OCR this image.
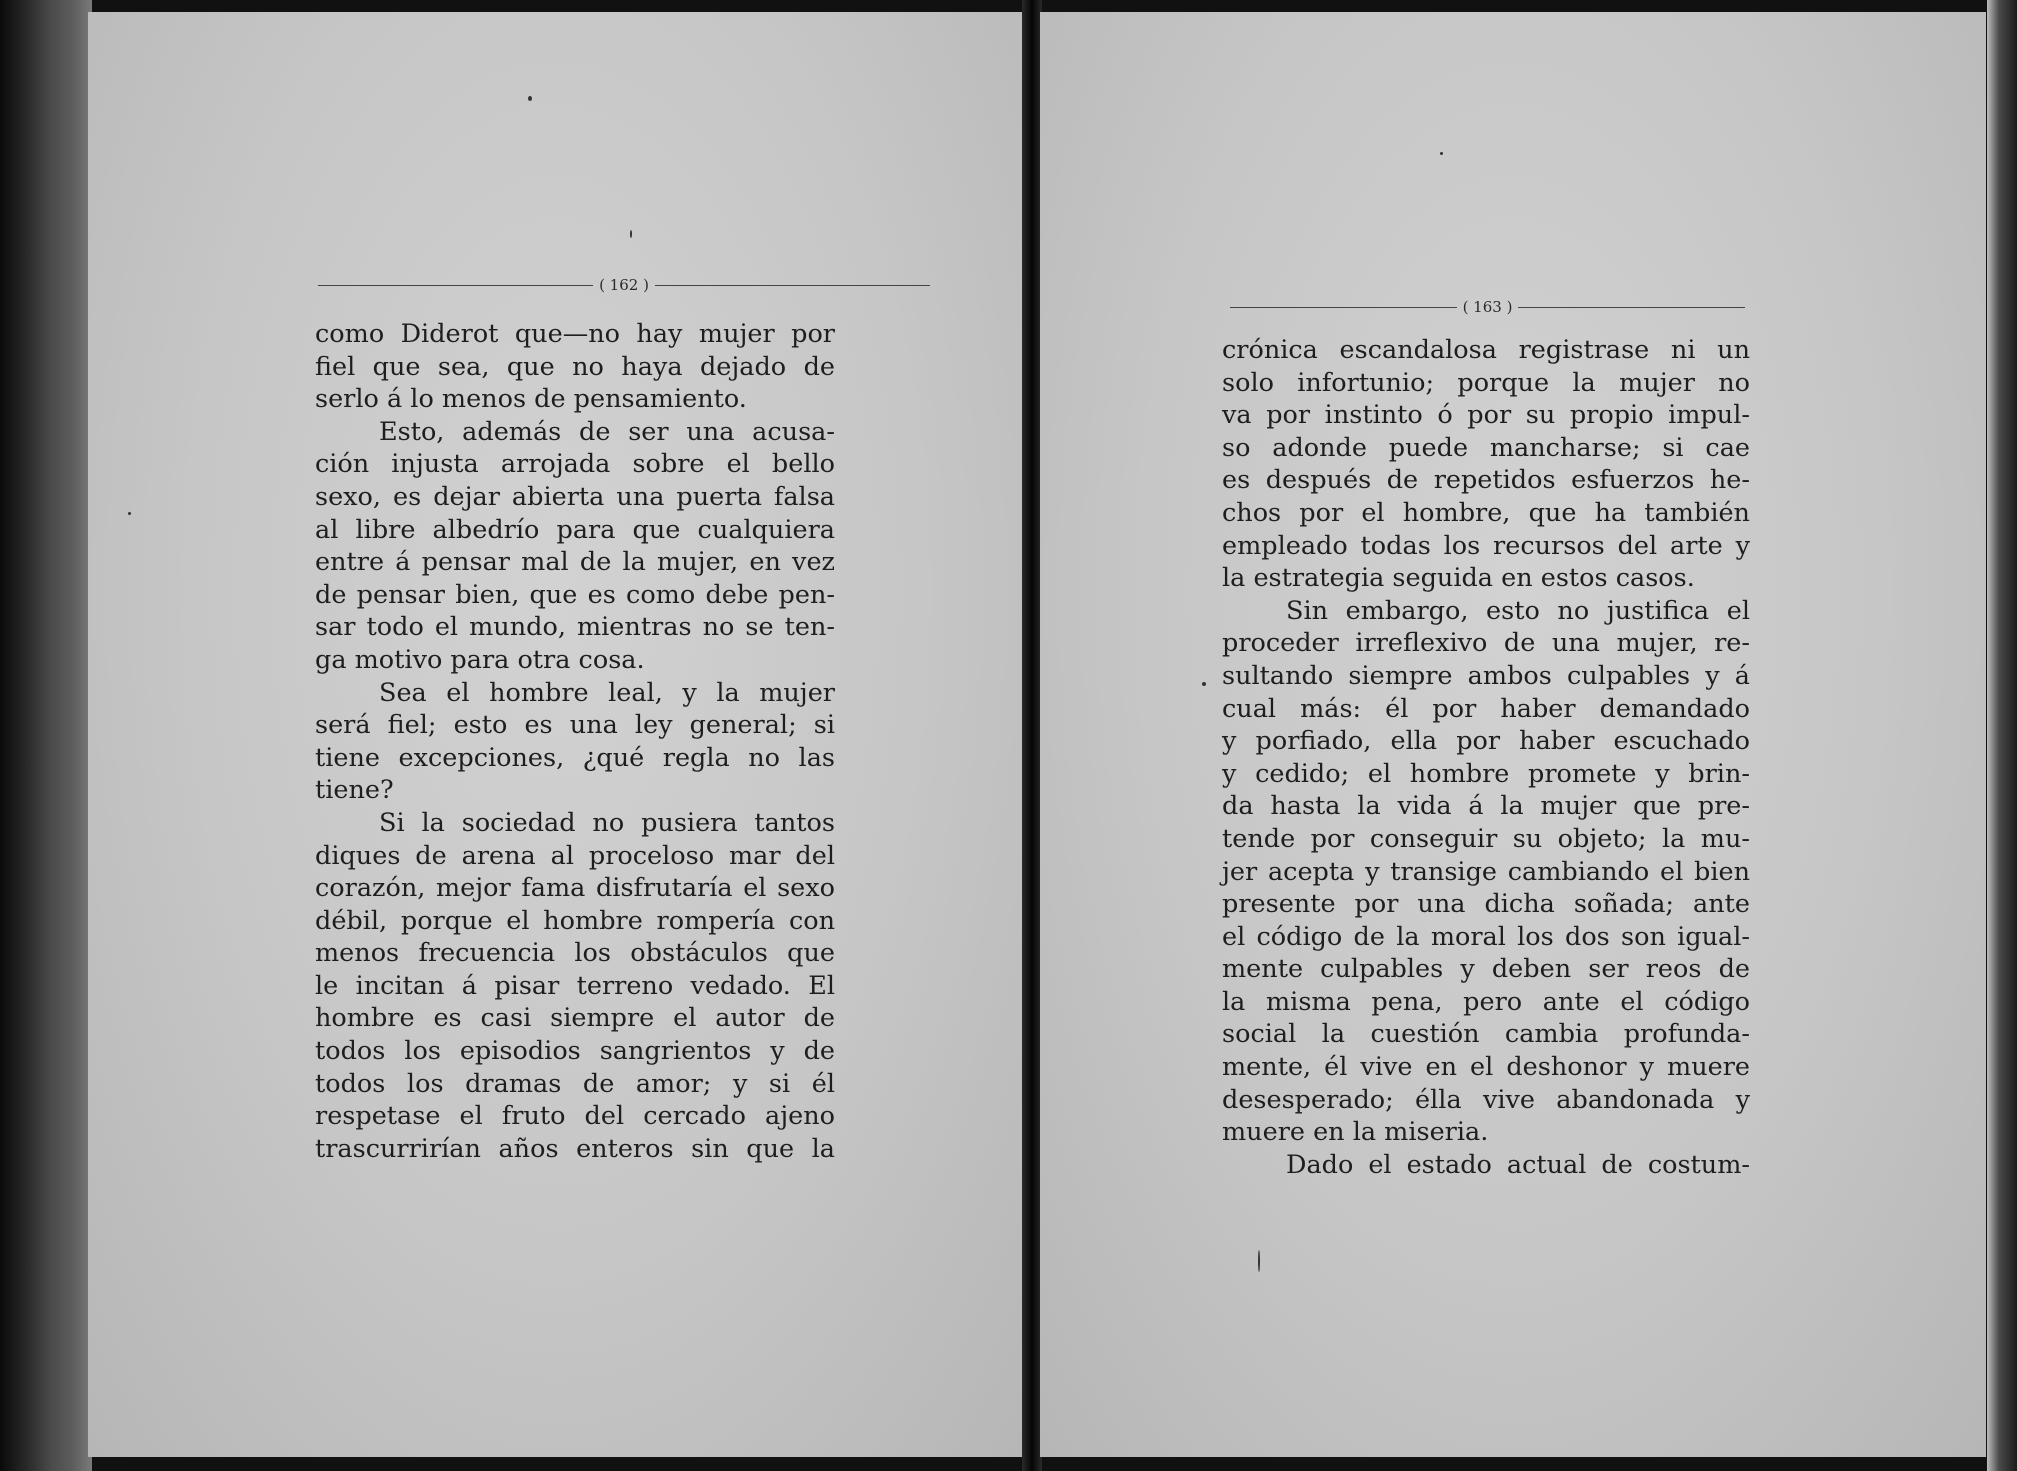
( 162 )
como Diderot que—no hay mujer por
fiel que sea, que no haya dejado de
serlo á lo menos de pensamiento.
Esto, además de ser una acusa-
ción injusta arrojada sobre el bello
sexo, es dejar abierta una puerta falsa
al libre albedrío para que cualquiera
entre á pensar mal de la mujer, en vez
de pensar bien, que es como debe pen-
sar todo el mundo, mientras no se ten-
ga motivo para otra cosa.
Sea el hombre leal, y la mujer
será fiel; esto es una ley general; si
tiene excepciones, ¿qué regla no las
tiene?
Si la sociedad no pusiera tantos
diques de arena al proceloso mar del
corazón, mejor fama disfrutaría el sexo
débil, porque el hombre rompería con
menos frecuencia los obstáculos que
le incitan á pisar terreno vedado. El
hombre es casi siempre el autor de
todos los episodios sangrientos y de
todos los dramas de amor; y si él
respetase el fruto del cercado ajeno
trascurrirían años enteros sin que la
( 163 )
crónica escandalosa registrase ni un
solo infortunio; porque la mujer no
va por instinto ó por su propio impul-
so adonde puede mancharse; si cae
es después de repetidos esfuerzos he-
chos por el hombre, que ha también
empleado todas los recursos del arte y
la estrategia seguida en estos casos.
Sin embargo, esto no justifica el
proceder irreflexivo de una mujer, re-
sultando siempre ambos culpables y á
cual más: él por haber demandado
y porfiado, ella por haber escuchado
y cedido; el hombre promete y brin-
da hasta la vida á la mujer que pre-
tende por conseguir su objeto; la mu-
jer acepta y transige cambiando el bien
presente por una dicha soñada; ante
el código de la moral los dos son igual-
mente culpables y deben ser reos de
la misma pena, pero ante el código
social la cuestión cambia profunda-
mente, él vive en el deshonor y muere
desesperado; élla vive abandonada y
muere en la miseria.
Dado el estado actual de costum-
